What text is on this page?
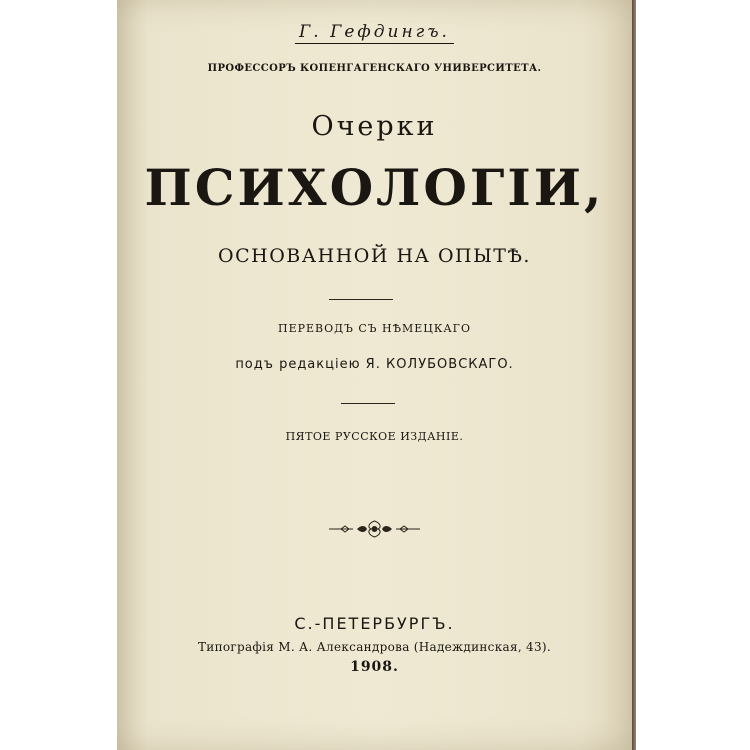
Г. Гефдингъ.

ПРОФЕССОРЪ КОПЕНГАГЕНСКАГО УНИВЕРСИТЕТА.

Очерки

ПСИХОЛОГІИ,

ОСНОВАННОЙ НА ОПЫТѢ.

ПЕРЕВОДЪ СЪ НѢМЕЦКАГО

подъ редакціею Я. КОЛУБОВСКАГО.

ПЯТОЕ РУССКОЕ ИЗДАНІЕ.

С.-ПЕТЕРБУРГЪ.

Типографія М. А. Александрова (Надеждинская, 43).

1908.
